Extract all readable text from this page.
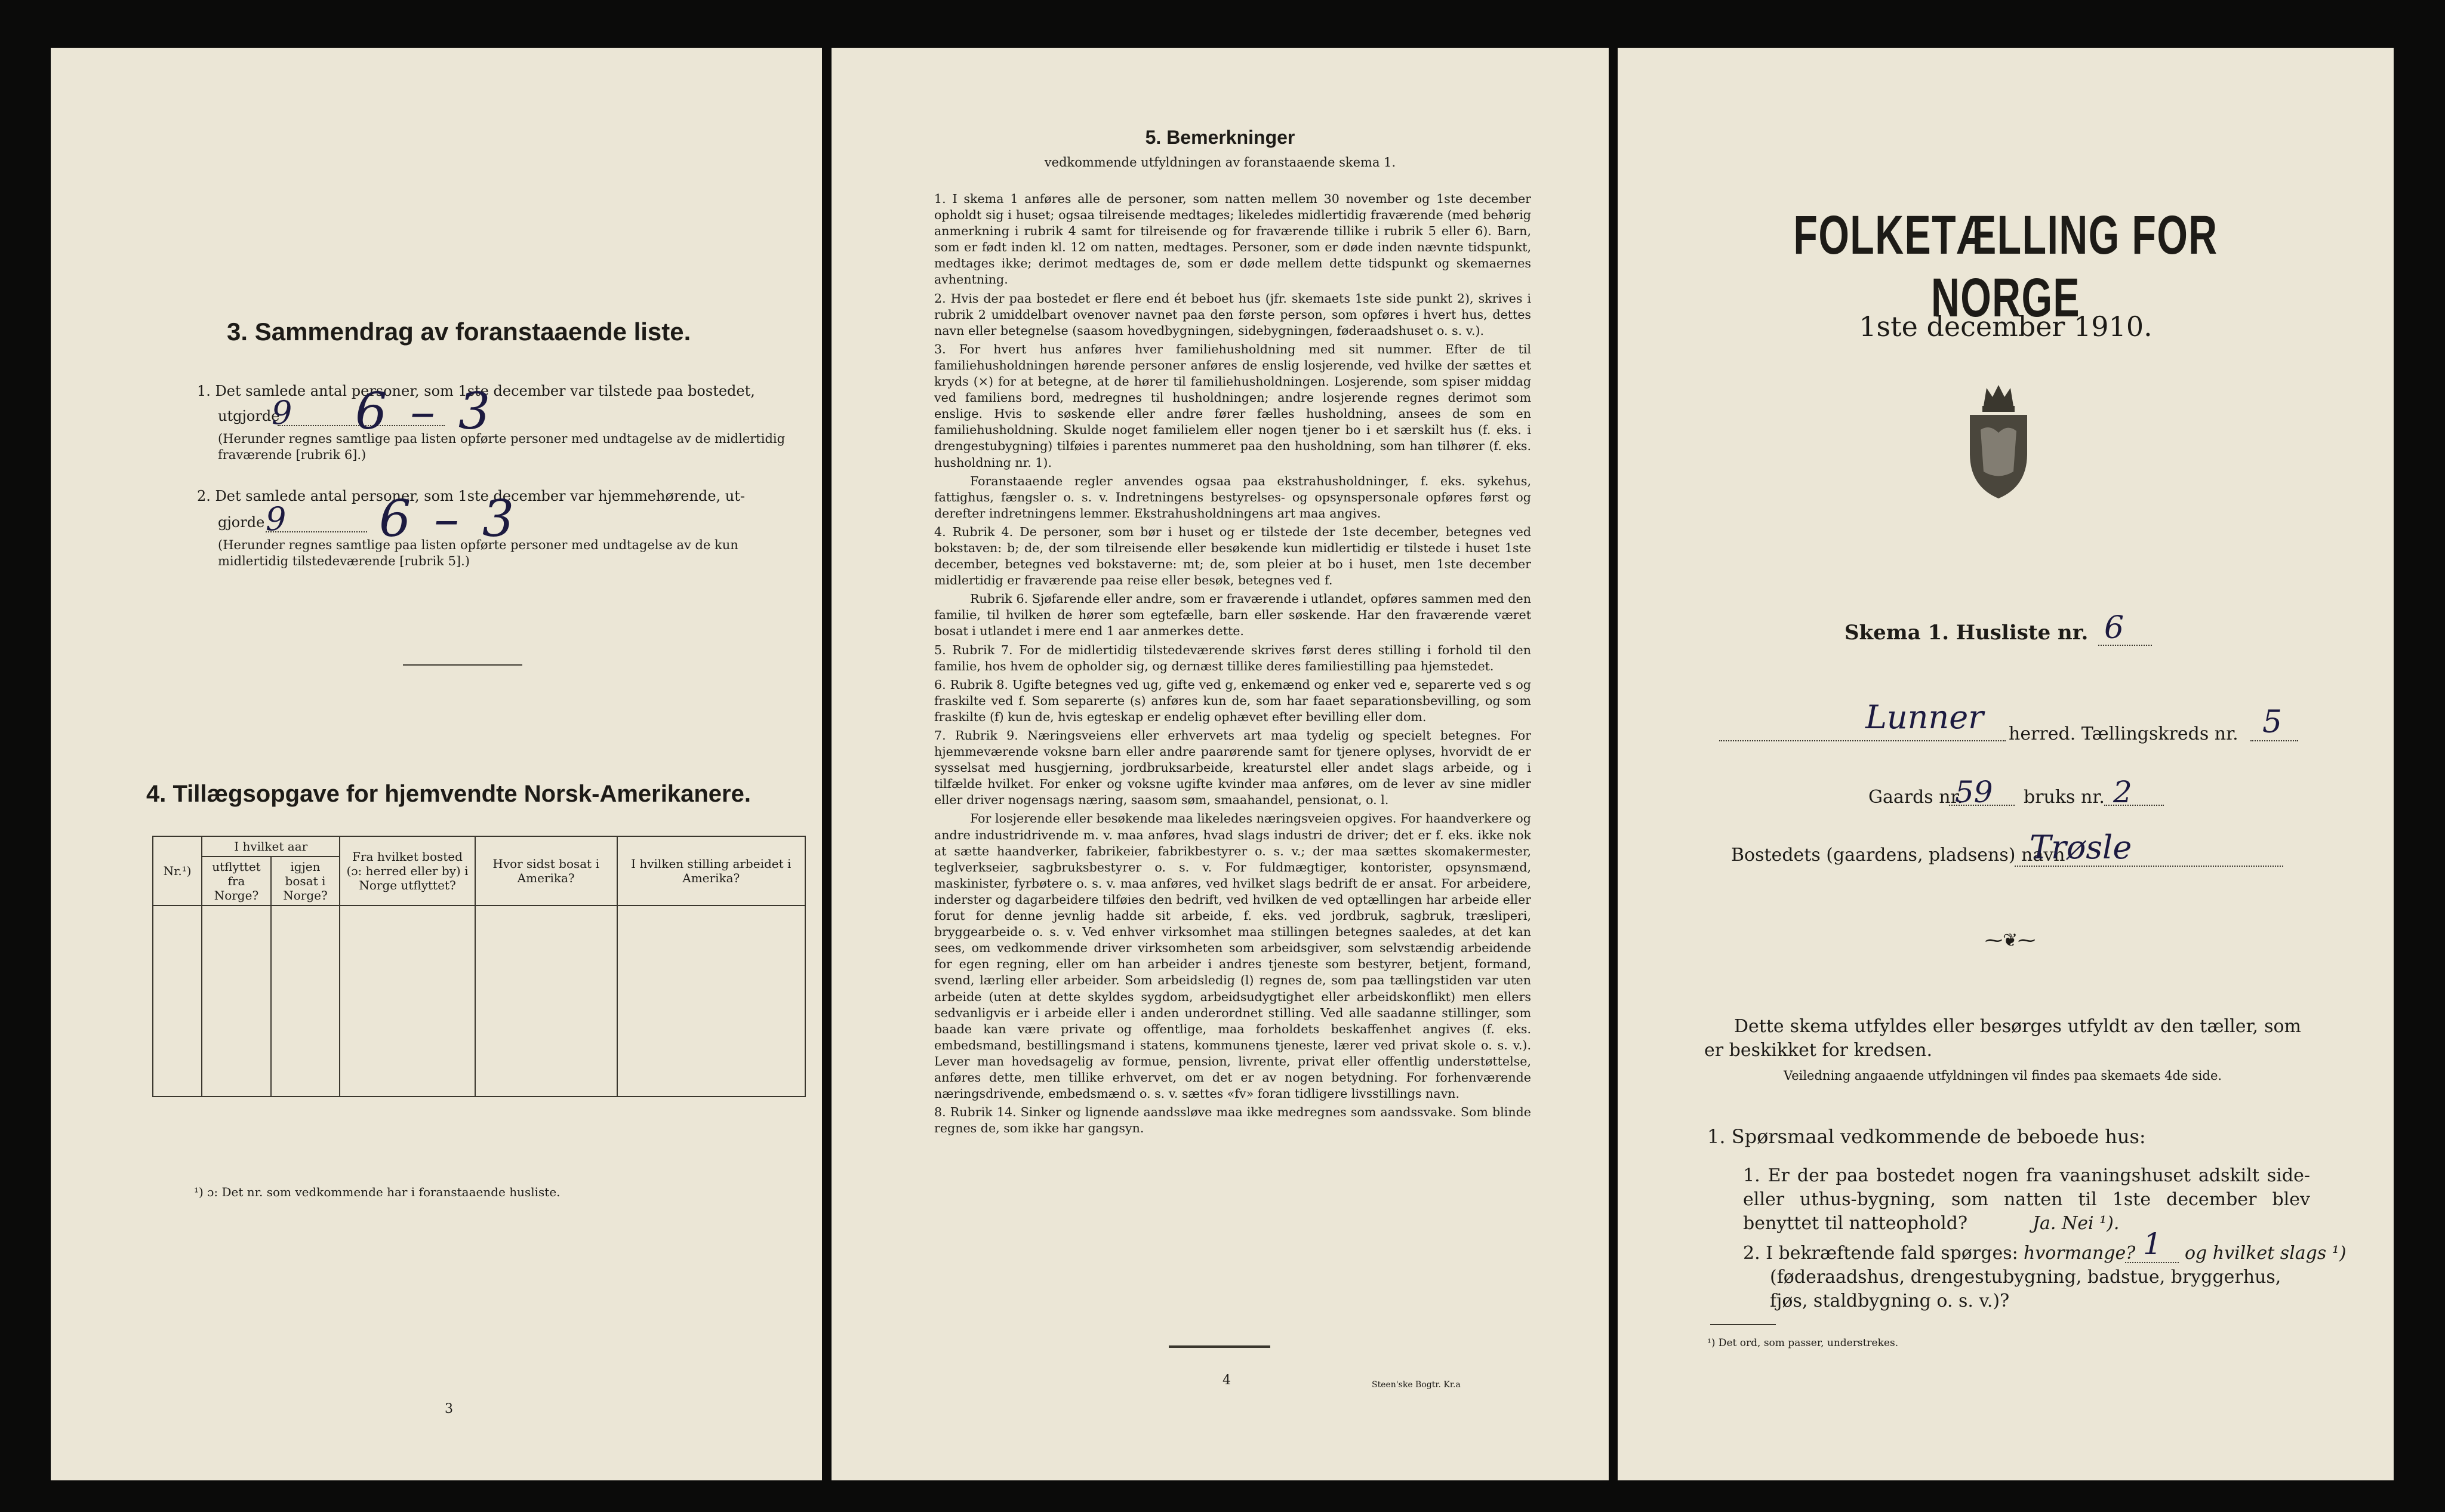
3. Sammendrag av foranstaaende liste.
1. Det samlede antal personer, som 1ste december var tilstede paa bostedet,
utgjorde
9 6 – 3
(Herunder regnes samtlige paa listen opførte personer med undtagelse av de midlertidig fraværende [rubrik 6].)
2. Det samlede antal personer, som 1ste december var hjemmehørende, ut-
gjorde 9 6 – 3
(Herunder regnes samtlige paa listen opførte personer med undtagelse av de kun midlertidig tilstedeværende [rubrik 5].)
4. Tillægsopgave for hjemvendte Norsk-Amerikanere.
Nr.¹)	I hvilket aar		Fra hvilket bosted (ɔ: herred eller by) i Norge utflyttet?	Hvor sidst bosat i Amerika?	I hvilken stilling arbeidet i Amerika?
	utflyttet fra Norge?	igjen bosat i Norge?			

¹) ɔ: Det nr. som vedkommende har i foranstaaende husliste.
3
5. Bemerkninger
vedkommende utfyldningen av foranstaaende skema 1.

1. I skema 1 anføres alle de personer, som natten mellem 30 november og 1ste december opholdt sig i huset; ogsaa tilreisende medtages; likeledes midlertidig fraværende (med behørig anmerkning i rubrik 4 samt for tilreisende og for fraværende tillike i rubrik 5 eller 6). Barn, som er født inden kl. 12 om natten, medtages. Personer, som er døde inden nævnte tidspunkt, medtages ikke; derimot medtages de, som er døde mellem dette tidspunkt og skemaernes avhentning.

2. Hvis der paa bostedet er flere end ét beboet hus (jfr. skemaets 1ste side punkt 2), skrives i rubrik 2 umiddelbart ovenover navnet paa den første person, som opføres i hvert hus, dettes navn eller betegnelse (saasom hovedbygningen, sidebygningen, føderaadshuset o. s. v.).

3. For hvert hus anføres hver familiehusholdning med sit nummer. Efter de til familiehusholdningen hørende personer anføres de enslig losjerende, ved hvilke der sættes et kryds (×) for at betegne, at de hører til familiehusholdningen. Losjerende, som spiser middag ved familiens bord, medregnes til husholdningen; andre losjerende regnes derimot som enslige. Hvis to søskende eller andre fører fælles husholdning, ansees de som en familiehusholdning. Skulde noget familielem eller nogen tjener bo i et særskilt hus (f. eks. i drengestubygning) tilføies i parentes nummeret paa den husholdning, som han tilhører (f. eks. husholdning nr. 1).

Foranstaaende regler anvendes ogsaa paa ekstrahusholdninger, f. eks. sykehus, fattighus, fængsler o. s. v. Indretningens bestyrelses- og opsynspersonale opføres først og derefter indretningens lemmer. Ekstrahusholdningens art maa angives.

4. Rubrik 4. De personer, som bør i huset og er tilstede der 1ste december, betegnes ved bokstaven: b; de, der som tilreisende eller besøkende kun midlertidig er tilstede i huset 1ste december, betegnes ved bokstaverne: mt; de, som pleier at bo i huset, men 1ste december midlertidig er fraværende paa reise eller besøk, betegnes ved f.

Rubrik 6. Sjøfarende eller andre, som er fraværende i utlandet, opføres sammen med den familie, til hvilken de hører som egtefælle, barn eller søskende. Har den fraværende været bosat i utlandet i mere end 1 aar anmerkes dette.

5. Rubrik 7. For de midlertidig tilstedeværende skrives først deres stilling i forhold til den familie, hos hvem de opholder sig, og dernæst tillike deres familiestilling paa hjemstedet.

6. Rubrik 8. Ugifte betegnes ved ug, gifte ved g, enkemænd og enker ved e, separerte ved s og fraskilte ved f. Som separerte (s) anføres kun de, som har faaet separationsbevilling, og som fraskilte (f) kun de, hvis egteskap er endelig ophævet efter bevilling eller dom.

7. Rubrik 9. Næringsveiens eller erhvervets art maa tydelig og specielt betegnes. For hjemmeværende voksne barn eller andre paarørende samt for tjenere oplyses, hvorvidt de er sysselsat med husgjerning, jordbruksarbeide, kreaturstel eller andet slags arbeide, og i tilfælde hvilket. For enker og voksne ugifte kvinder maa anføres, om de lever av sine midler eller driver nogensags næring, saasom søm, smaahandel, pensionat, o. l.

For losjerende eller besøkende maa likeledes næringsveien opgives. For haandverkere og andre industridrivende m. v. maa anføres, hvad slags industri de driver; det er f. eks. ikke nok at sætte haandverker, fabrikeier, fabrikbestyrer o. s. v.; der maa sættes skomakermester, teglverkseier, sagbruksbestyrer o. s. v. For fuldmægtiger, kontorister, opsynsmænd, maskinister, fyrbøtere o. s. v. maa anføres, ved hvilket slags bedrift de er ansat. For arbeidere, inderster og dagarbeidere tilføies den bedrift, ved hvilken de ved optællingen har arbeide eller forut for denne jevnlig hadde sit arbeide, f. eks. ved jordbruk, sagbruk, træsliperi, bryggearbeide o. s. v. Ved enhver virksomhet maa stillingen betegnes saaledes, at det kan sees, om vedkommende driver virksomheten som arbeidsgiver, som selvstændig arbeidende for egen regning, eller om han arbeider i andres tjeneste som bestyrer, betjent, formand, svend, lærling eller arbeider. Som arbeidsledig (l) regnes de, som paa tællingstiden var uten arbeide (uten at dette skyldes sygdom, arbeidsudygtighet eller arbeidskonflikt) men ellers sedvanligvis er i arbeide eller i anden underordnet stilling. Ved alle saadanne stillinger, som baade kan være private og offentlige, maa forholdets beskaffenhet angives (f. eks. embedsmand, bestillingsmand i statens, kommunens tjeneste, lærer ved privat skole o. s. v.). Lever man hovedsagelig av formue, pension, livrente, privat eller offentlig understøttelse, anføres dette, men tillike erhvervet, om det er av nogen betydning. For forhenværende næringsdrivende, embedsmænd o. s. v. sættes «fv» foran tidligere livsstillings navn.

8. Rubrik 14. Sinker og lignende aandssløve maa ikke medregnes som aandssvake. Som blinde regnes de, som ikke har gangsyn.

4	Steen'ske Bogtr. Kr.a
FOLKETÆLLING FOR NORGE
1ste december 1910.
Skema 1. Husliste nr. 6
Lunner herred. Tællingskreds nr. 5
Gaards nr.
59 bruks nr. 2
Bostedets (gaardens, pladsens) navn
Trøsle
⁓❦⁓
Dette skema utfyldes eller besørges utfyldt av den tæller, som er beskikket for kredsen.
Veiledning angaaende utfyldningen vil findes paa skemaets 4de side.
1. Spørsmaal vedkommende de beboede hus:
1. Er der paa bostedet nogen fra vaaningshuset adskilt side- eller uthus-bygning, som natten til 1ste december blev benyttet til natteophold?	Ja. Nei ¹).
2. I bekræftende fald spørges: hvormange? 1 og hvilket slags ¹)
(føderaadshus, drengestubygning, badstue, bryggerhus, fjøs, staldbygning o. s. v.)?
¹) Det ord, som passer, understrekes.
